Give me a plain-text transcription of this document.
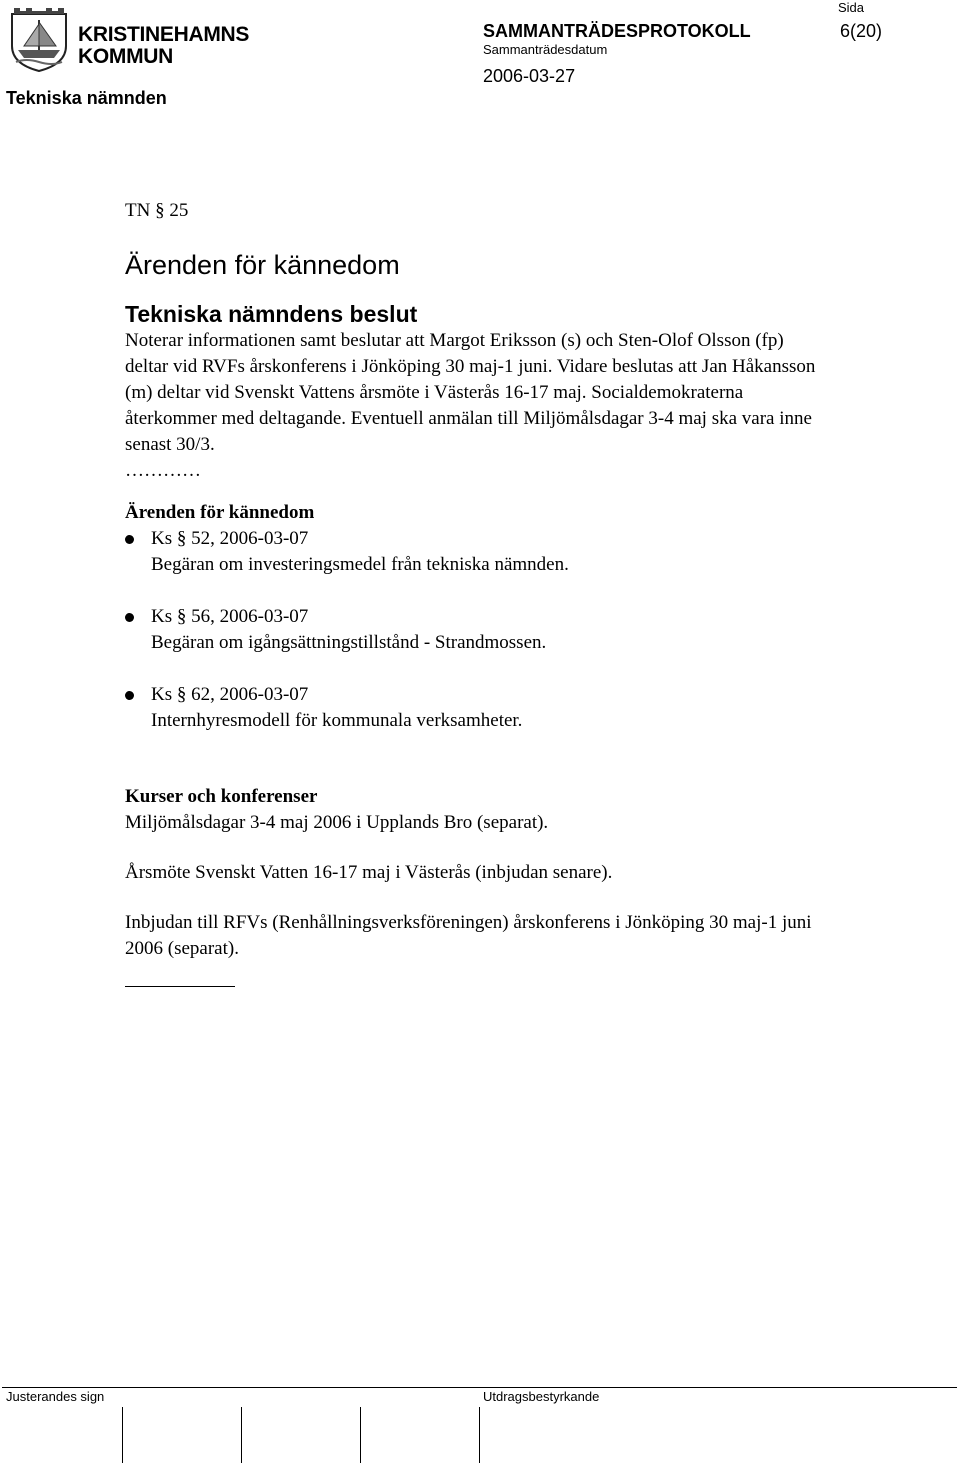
KRISTINEHAMNS
KOMMUN
Tekniska nämnden
SAMMANTRÄDESPROTOKOLL
Sammanträdesdatum
2006-03-27
Sida
6(20)
TN § 25
Ärenden för kännedom
Tekniska nämndens beslut
Noterar informationen samt beslutar att Margot Eriksson (s) och Sten-Olof Olsson (fp) deltar vid RVFs årskonferens i Jönköping 30 maj-1 juni. Vidare beslutas att Jan Håkansson (m) deltar vid Svenskt Vattens årsmöte i Västerås 16-17 maj. Socialdemokraterna återkommer med deltagande. Eventuell anmälan till Miljömålsdagar 3-4 maj ska vara inne senast 30/3.
…………
Ärenden för kännedom
Ks § 52, 2006-03-07
Begäran om investeringsmedel från tekniska nämnden.
Ks § 56, 2006-03-07
Begäran om igångsättningstillstånd - Strandmossen.
Ks § 62, 2006-03-07
Internhyresmodell för kommunala verksamheter.
Kurser och konferenser
Miljömålsdagar 3-4 maj 2006 i Upplands Bro (separat).
Årsmöte Svenskt Vatten 16-17 maj i Västerås (inbjudan senare).
Inbjudan till RFVs (Renhållningsverksföreningen) årskonferens i Jönköping 30 maj-1 juni 2006 (separat).
Justerandes sign	Utdragsbestyrkande
